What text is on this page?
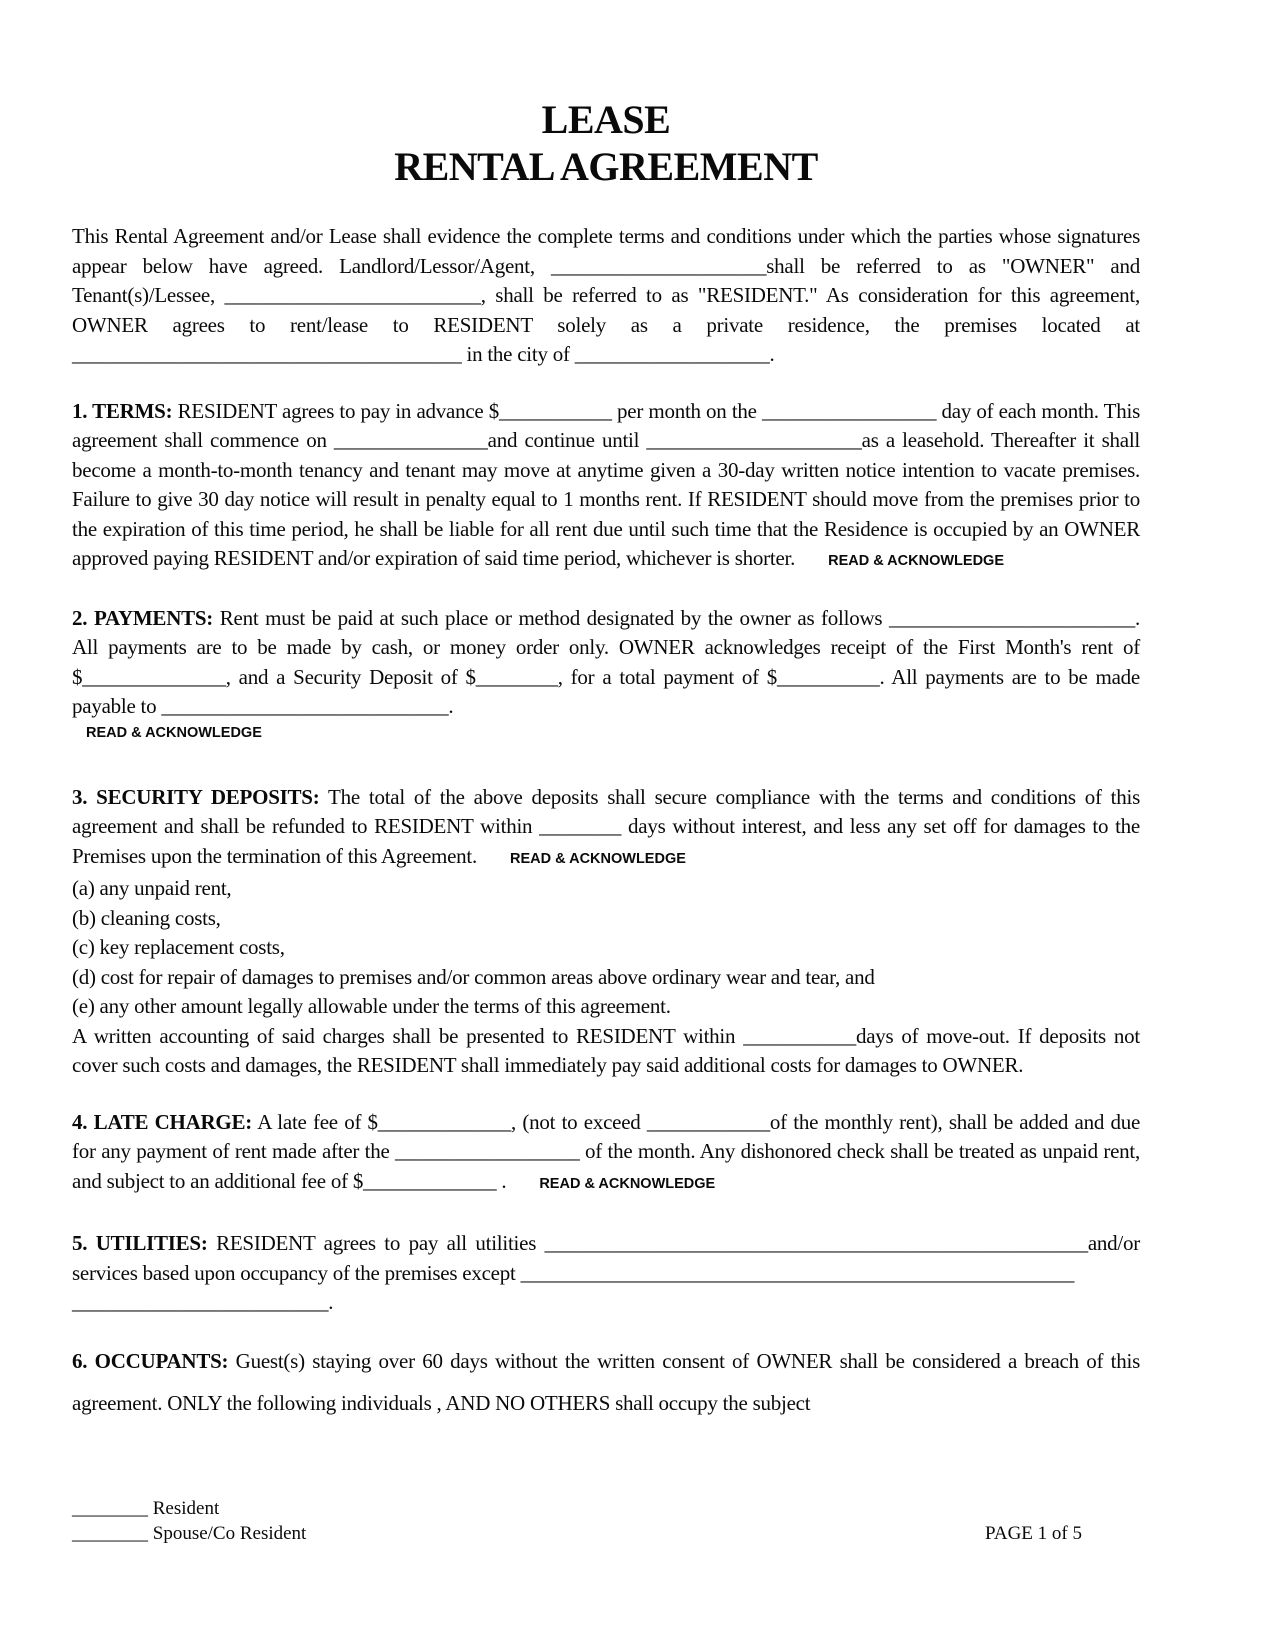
LEASE
RENTAL AGREEMENT

This Rental Agreement and/or Lease shall evidence the complete terms and conditions under which the parties whose signatures appear below have agreed. Landlord/Lessor/Agent, _____________________shall be referred to as "OWNER" and Tenant(s)/Lessee, _________________________, shall be referred to as "RESIDENT." As consideration for this agreement, OWNER agrees to rent/lease to RESIDENT solely as a private residence, the premises located at ______________________________________ in the city of ___________________.

1. TERMS: RESIDENT agrees to pay in advance $___________ per month on the _________________ day of each month. This agreement shall commence on _______________and continue until _____________________as a leasehold. Thereafter it shall become a month-to-month tenancy and tenant may move at anytime given a 30-day written notice intention to vacate premises. Failure to give 30 day notice will result in penalty equal to 1 months rent. If RESIDENT should move from the premises prior to the expiration of this time period, he shall be liable for all rent due until such time that the Residence is occupied by an OWNER approved paying RESIDENT and/or expiration of said time period, whichever is shorter. READ & ACKNOWLEDGE
2. PAYMENTS: Rent must be paid at such place or method designated by the owner as follows ________________________. All payments are to be made by cash, or money order only. OWNER acknowledges receipt of the First Month's rent of $______________, and a Security Deposit of $________, for a total payment of $__________. All payments are to be made payable to ____________________________.
READ & ACKNOWLEDGE
3. SECURITY DEPOSITS: The total of the above deposits shall secure compliance with the terms and conditions of this agreement and shall be refunded to RESIDENT within ________ days without interest, and less any set off for damages to the Premises upon the termination of this Agreement. READ & ACKNOWLEDGE
(a) any unpaid rent,
(b) cleaning costs,
(c) key replacement costs,
(d) cost for repair of damages to premises and/or common areas above ordinary wear and tear, and
(e) any other amount legally allowable under the terms of this agreement.
A written accounting of said charges shall be presented to RESIDENT within ___________days of move-out. If deposits not cover such costs and damages, the RESIDENT shall immediately pay said additional costs for damages to OWNER.
4. LATE CHARGE: A late fee of $_____________, (not to exceed ____________of the monthly rent), shall be added and due for any payment of rent made after the __________________ of the month. Any dishonored check shall be treated as unpaid rent, and subject to an additional fee of $_____________ . READ & ACKNOWLEDGE
5. UTILITIES: RESIDENT agrees to pay all utilities _____________________________________________________and/or services based upon occupancy of the premises except ______________________________________________________
_________________________.
6. OCCUPANTS: Guest(s) staying over 60 days without the written consent of OWNER shall be considered a breach of this agreement. ONLY the following individuals , AND NO OTHERS shall occupy the subject
________ Resident
________ Spouse/Co Resident	PAGE 1 of 5
